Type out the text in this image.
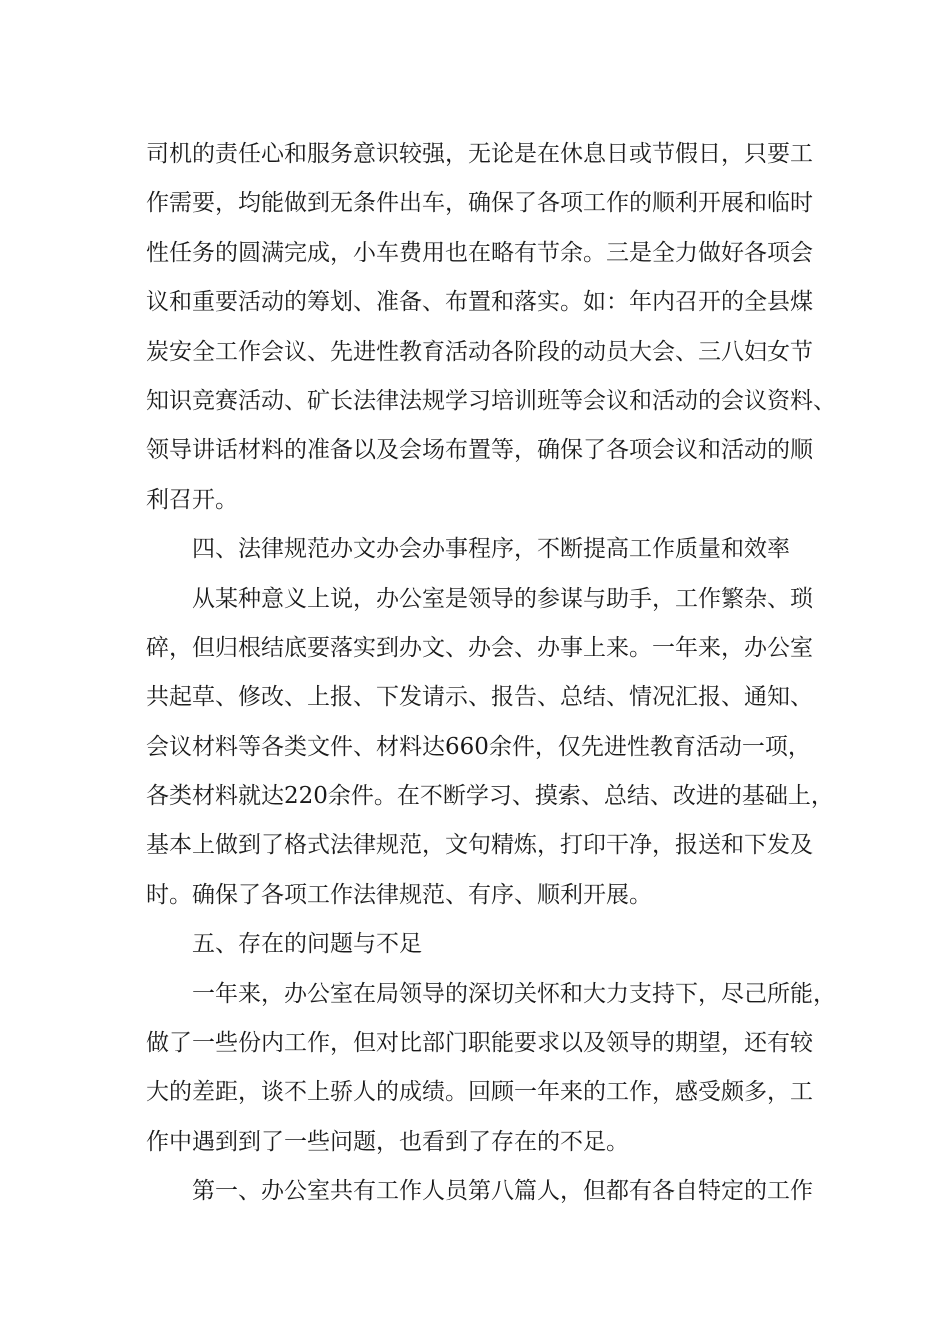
司机的责任心和服务意识较强，无论是在休息日或节假日，只要工
作需要，均能做到无条件出车，确保了各项工作的顺利开展和临时
性任务的圆满完成，小车费用也在略有节余。三是全力做好各项会
议和重要活动的筹划、准备、布置和落实。如：年内召开的全县煤
炭安全工作会议、先进性教育活动各阶段的动员大会、三八妇女节
知识竞赛活动、矿长法律法规学习培训班等会议和活动的会议资料、
领导讲话材料的准备以及会场布置等，确保了各项会议和活动的顺
利召开。
四、法律规范办文办会办事程序，不断提高工作质量和效率
从某种意义上说，办公室是领导的参谋与助手，工作繁杂、琐
碎，但归根结底要落实到办文、办会、办事上来。一年来，办公室
共起草、修改、上报、下发请示、报告、总结、情况汇报、通知、
会议材料等各类文件、材料达660余件，仅先进性教育活动一项，
各类材料就达220余件。在不断学习、摸索、总结、改进的基础上，
基本上做到了格式法律规范，文句精炼，打印干净，报送和下发及
时。确保了各项工作法律规范、有序、顺利开展。
五、存在的问题与不足
一年来，办公室在局领导的深切关怀和大力支持下，尽己所能，
做了一些份内工作，但对比部门职能要求以及领导的期望，还有较
大的差距，谈不上骄人的成绩。回顾一年来的工作，感受颇多，工
作中遇到到了一些问题，也看到了存在的不足。
第一、办公室共有工作人员第八篇人，但都有各自特定的工作
